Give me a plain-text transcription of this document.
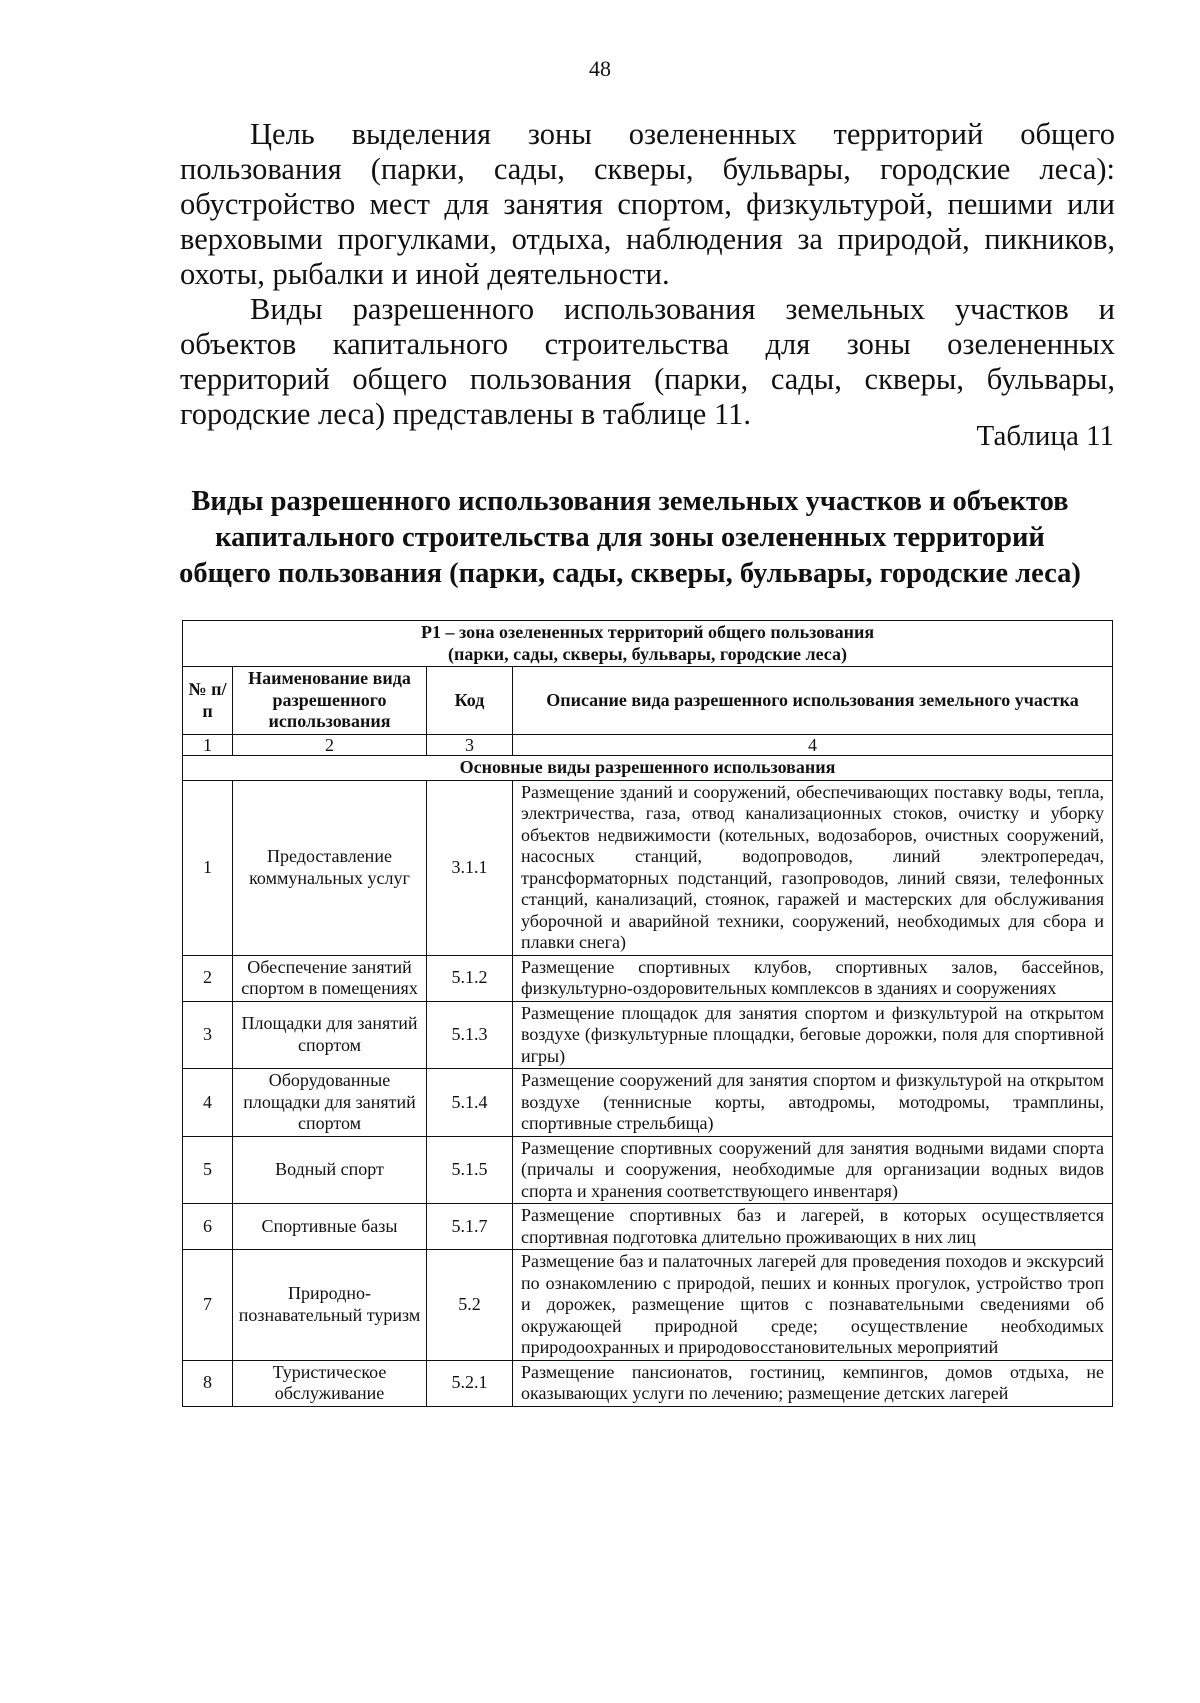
48

Цель выделения зоны озелененных территорий общего пользования (парки, сады, скверы, бульвары, городские леса): обустройство мест для занятия спортом, физкультурой, пешими или верховыми прогулками, отдыха, наблюдения за природой, пикников, охоты, рыбалки и иной деятельности.

Виды разрешенного использования земельных участков и объектов капитального строительства для зоны озелененных территорий общего пользования (парки, сады, скверы, бульвары, городские леса) представлены в таблице 11.

Таблица 11
Виды разрешенного использования земельных участков и объектов
капитального строительства для зоны озелененных территорий
общего пользования (парки, сады, скверы, бульвары, городские леса)
Р1 – зона озелененных территорий общего пользования
(парки, сады, скверы, бульвары, городские леса)			

№ п/п	Наименование вида разрешенного использования	Код	Описание вида разрешенного использования земельного участка
1	2	3	4
Основные виды разрешенного использования			
1	Предоставление коммунальных услуг	3.1.1	Размещение зданий и сооружений, обеспечивающих поставку воды, тепла, электричества, газа, отвод канализационных стоков, очистку и уборку объектов недвижимости (котельных, водозаборов, очистных сооружений, насосных станций, водопроводов, линий электропередач, трансформаторных подстанций, газопроводов, линий связи, телефонных станций, канализаций, стоянок, гаражей и мастерских для обслуживания уборочной и аварийной техники, сооружений, необходимых для сбора и плавки снега)
2	Обеспечение занятий спортом в помещениях	5.1.2	Размещение спортивных клубов, спортивных залов, бассейнов, физкультурно-оздоровительных комплексов в зданиях и сооружениях
3	Площадки для занятий спортом	5.1.3	Размещение площадок для занятия спортом и физкультурой на открытом воздухе (физкультурные площадки, беговые дорожки, поля для спортивной игры)
4	Оборудованные площадки для занятий спортом	5.1.4	Размещение сооружений для занятия спортом и физкультурой на открытом воздухе (теннисные корты, автодромы, мотодромы, трамплины, спортивные стрельбища)
5	Водный спорт	5.1.5	Размещение спортивных сооружений для занятия водными видами спорта (причалы и сооружения, необходимые для организации водных видов спорта и хранения соответствующего инвентаря)
6	Спортивные базы	5.1.7	Размещение спортивных баз и лагерей, в которых осуществляется спортивная подготовка длительно проживающих в них лиц
7	Природно-познавательный туризм	5.2	Размещение баз и палаточных лагерей для проведения походов и экскурсий по ознакомлению с природой, пеших и конных прогулок, устройство троп и дорожек, размещение щитов с познавательными сведениями об окружающей природной среде; осуществление необходимых природоохранных и природовосстановительных мероприятий
8	Туристическое обслуживание	5.2.1	Размещение пансионатов, гостиниц, кемпингов, домов отдыха, не оказывающих услуги по лечению; размещение детских лагерей
